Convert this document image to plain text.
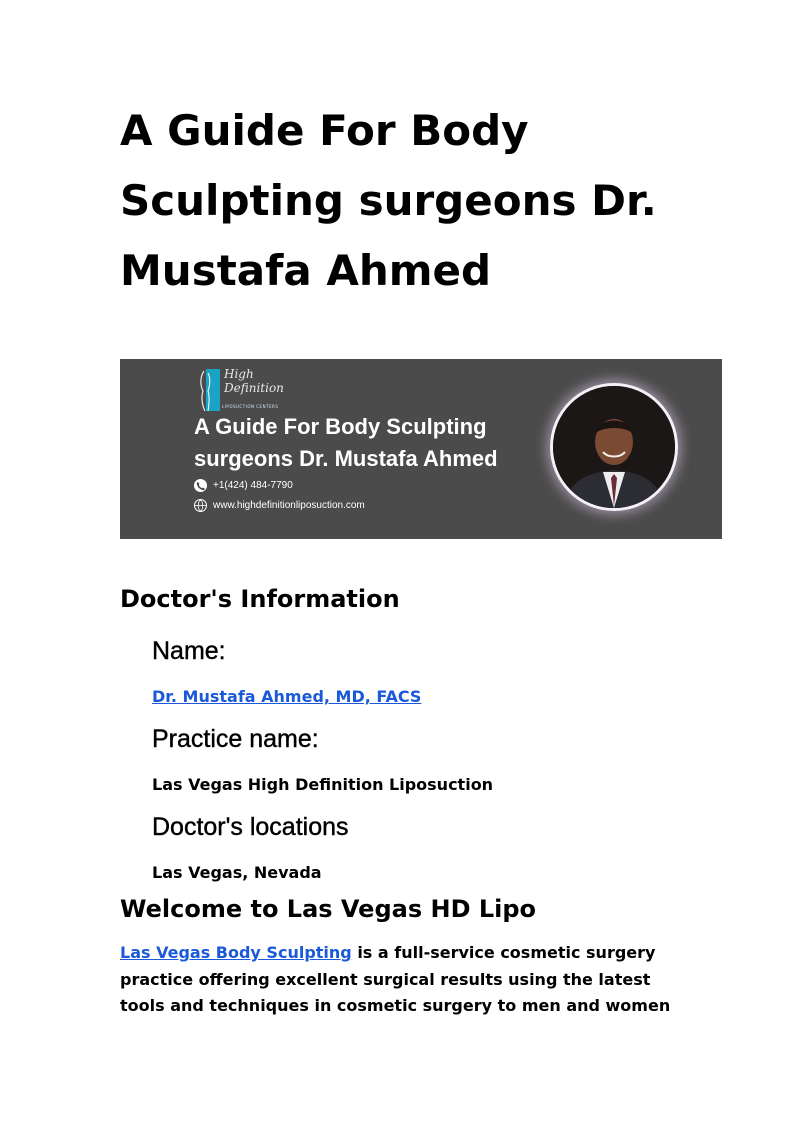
A Guide For Body Sculpting surgeons Dr. Mustafa Ahmed
High Definition
LIPOSUCTION CENTERS
A Guide For Body Sculpting surgeons Dr. Mustafa Ahmed
+1(424) 484-7790
www.highdefinitionliposuction.com
Doctor's Information
Name:
Dr. Mustafa Ahmed, MD, FACS
Practice name:
Las Vegas High Definition Liposuction
Doctor's locations
Las Vegas, Nevada
Welcome to Las Vegas HD Lipo

Las Vegas Body Sculpting is a full-service cosmetic surgery practice offering excellent surgical results using the latest tools and techniques in cosmetic surgery to men and women
